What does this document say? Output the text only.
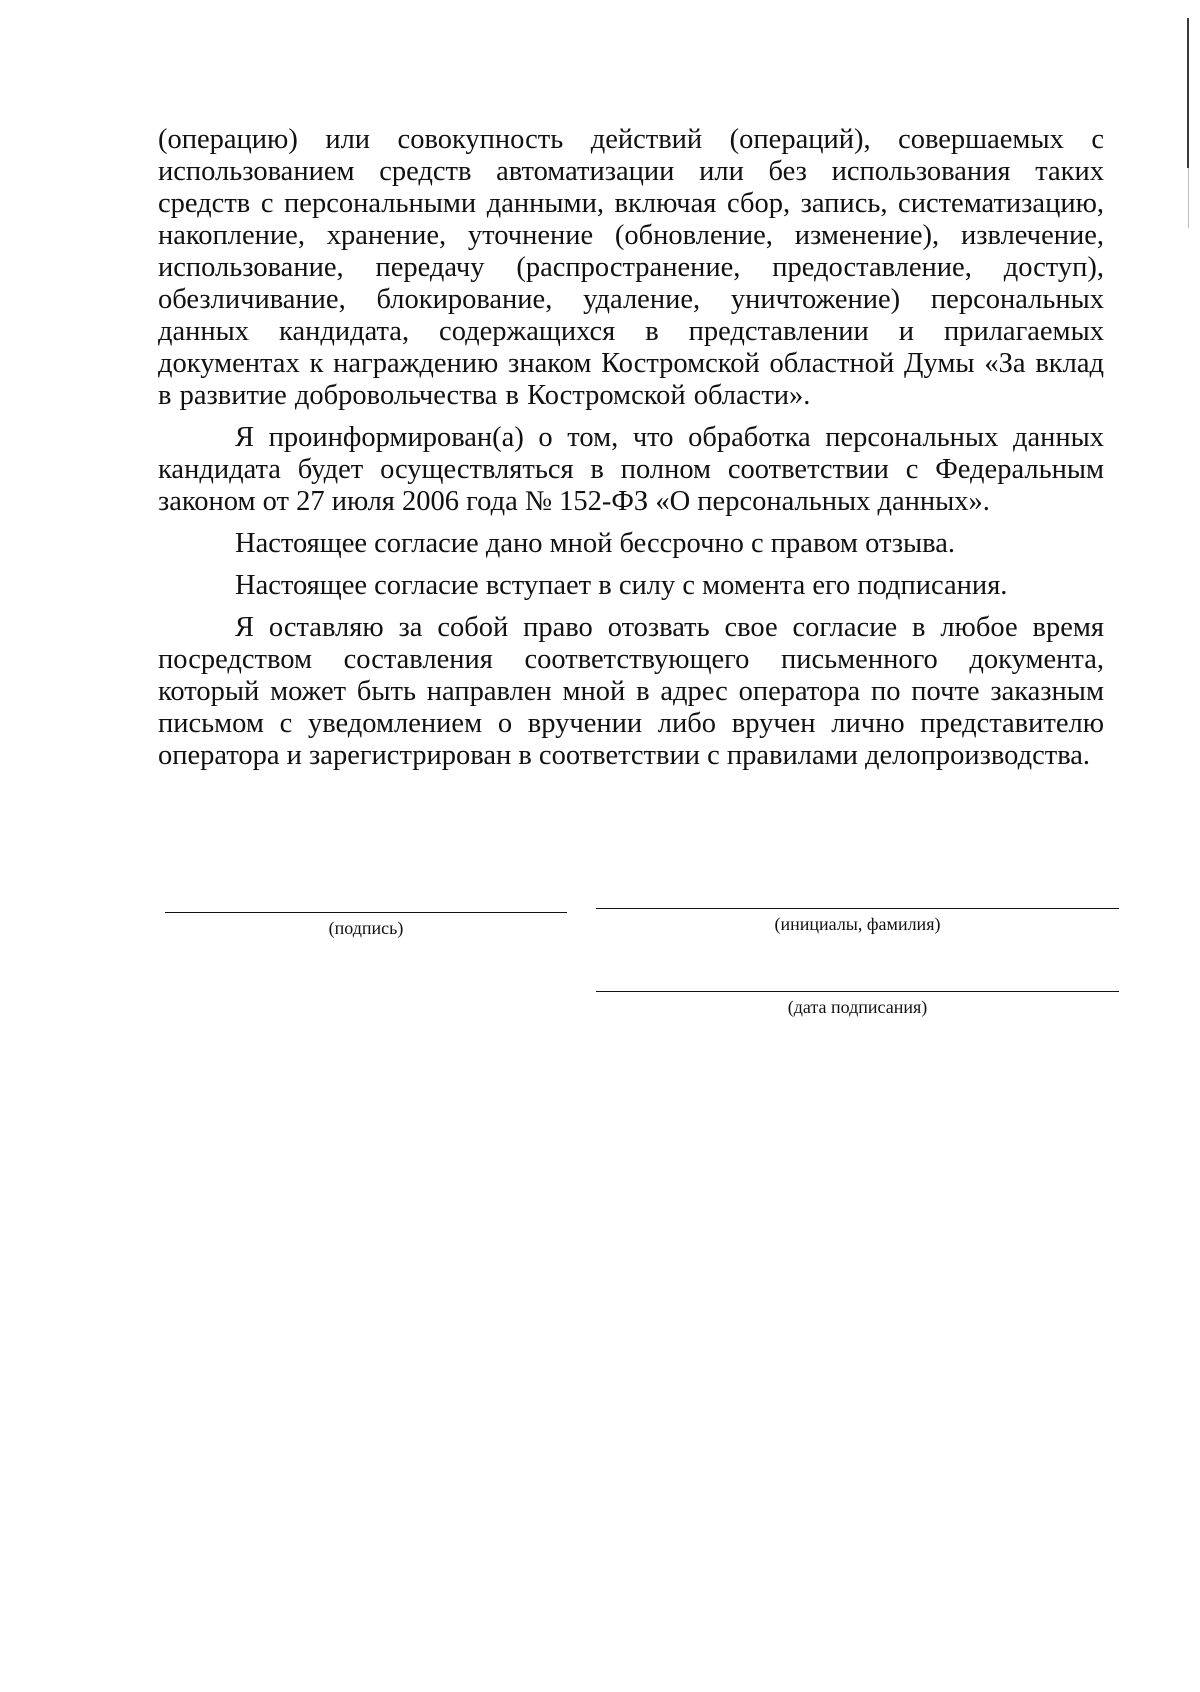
(операцию) или совокупность действий (операций), совершаемых с использованием средств автоматизации или без использования таких средств с персональными данными, включая сбор, запись, систематизацию, накопление, хранение, уточнение (обновление, изменение), извлечение, использование, передачу (распространение, предоставление, доступ), обезличивание, блокирование, удаление, уничтожение) персональных данных кандидата, содержащихся в представлении и прилагаемых документах к награждению знаком Костромской областной Думы «За вклад в развитие добровольчества в Костромской области».

Я проинформирован(а) о том, что обработка персональных данных кандидата будет осуществляться в полном соответствии с Федеральным законом от 27 июля 2006 года № 152-ФЗ «О персональных данных».

Настоящее согласие дано мной бессрочно с правом отзыва.

Настоящее согласие вступает в силу с момента его подписания.

Я оставляю за собой право отозвать свое согласие в любое время посредством составления соответствующего письменного документа, который может быть направлен мной в адрес оператора по почте заказным письмом с уведомлением о вручении либо вручен лично представителю оператора и зарегистрирован в соответствии с правилами делопроизводства.

(подпись)	(инициалы, фамилия)
(дата подписания)
